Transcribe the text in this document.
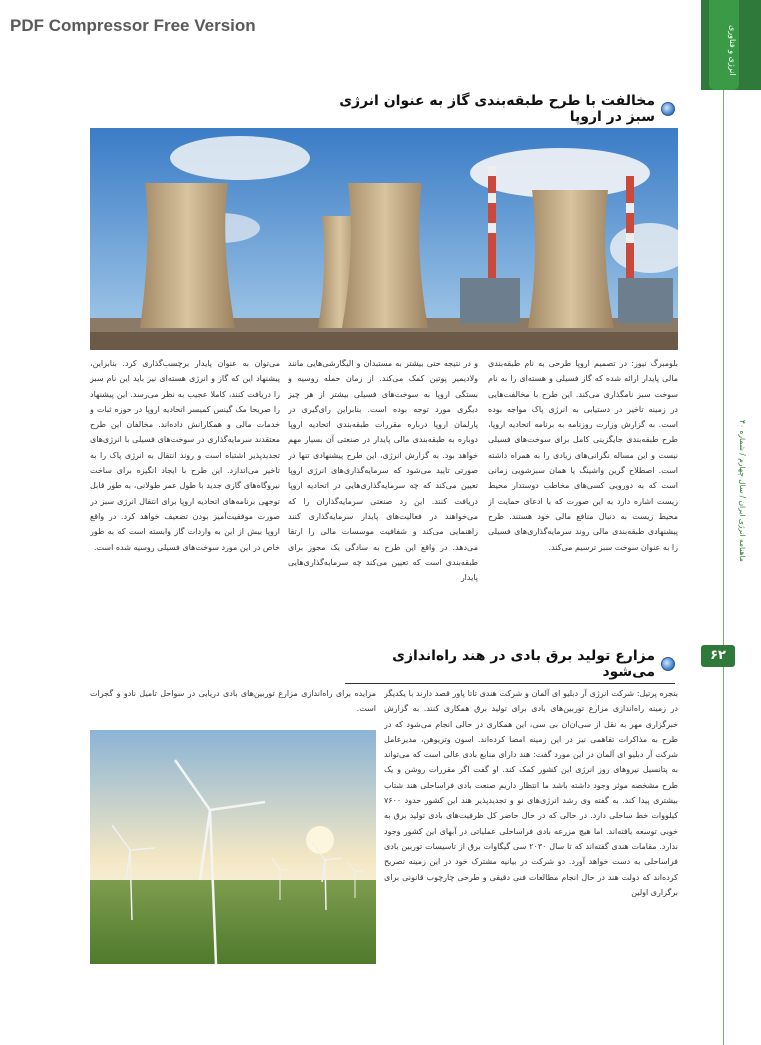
PDF Compressor Free Version	انرژی و فناوری
ماهنامه انرژی ایران / سال چهارم / شماره ۴۰
۶۲
مخالفت با طرح طبقه‌بندی گاز به عنوان انرژی سبز در اروپا
بلومبرگ نیوز: در تصمیم اروپا طرحی به نام طبقه‌بندی مالی پایدار ارائه شده که گاز فسیلی و هسته‌ای را به نام سوخت سبز نامگذاری می‌کند. این طرح با مخالفت‌هایی در زمینه تاخیر در دستیابی به انرژی پاک مواجه بوده است. به گزارش وزارت روزنامه به برنامه اتحادیه اروپا، طرح طبقه‌بندی جایگزینی کامل برای سوخت‌های فسیلی نیست و این مساله نگرانی‌های زیادی را به همراه داشته است. اصطلاح گرین واشینگ یا همان سبزشویی زمانی است که به دورویی کسی‌های مخاطب دوستدار محیط زیست اشاره دارد به این صورت که با ادعای حمایت از محیط زیست به دنبال منافع مالی خود هستند. طرح پیشنهادی طبقه‌بندی مالی روند سرمایه‌گذاری‌های فسیلی را به عنوان سوخت سبز ترسیم می‌کند.
و در نتیجه حتی بیشتر به مستبدان و الیگارشی‌هایی مانند ولادیمیر پوتین کمک می‌کند. از زمان حمله روسیه و بستگی اروپا به سوخت‌های فسیلی بیشتر از هر چیز دیگری مورد توجه بوده است. بنابراین رای‌گیری در پارلمان اروپا درباره مقررات طبقه‌بندی اتحادیه اروپا دوباره به طبقه‌بندی مالی پایدار در صنعتی آن بسیار مهم خواهد بود. به گزارش انرژی، این طرح پیشنهادی تنها در صورتی تایید می‌شود که سرمایه‌گذاری‌های انرژی اروپا تعیین می‌کند که چه سرمایه‌گذاری‌هایی در اتحادیه اروپا دریافت کنند. این رد صنعتی سرمایه‌گذاران را که می‌خواهند در فعالیت‌های پایدار سرمایه‌گذاری کنند راهنمایی می‌کند و شفافیت موسسات مالی را ارتقا می‌دهد. در واقع این طرح به سادگی یک مجوز برای طبقه‌بندی است که تعیین می‌کند چه سرمایه‌گذاری‌هایی پایدار
می‌توان به عنوان پایدار برچسب‌گذاری کرد. بنابراین، پیشنهاد این که گاز و انرژی هسته‌ای نیز باید این نام سبز را دریافت کنند، کاملا عجیب به نظر می‌رسد. این پیشنهاد را صریحا مک گینس کمیسر اتحادیه اروپا در حوزه ثبات و خدمات مالی و همکارانش داده‌اند. مخالفان این طرح معتقدند سرمایه‌گذاری در سوخت‌های فسیلی با انرژی‌های تجدیدپذیر اشتباه است و روند انتقال به انرژی پاک را به تاخیر می‌اندازد. این طرح با ایجاد انگیزه برای ساخت نیروگاه‌های گازی جدید با طول عمر طولانی، به طور قابل توجهی برنامه‌های اتحادیه اروپا برای انتقال انرژی سبز در صورت موفقیت‌آمیز بودن تضعیف خواهد کرد. در واقع اروپا بیش از این به واردات گاز وابسته است که به طور خاص در این مورد سوخت‌های فسیلی روسیه شده است.
مزارع تولید برق بادی در هند راه‌اندازی می‌شود
بنجره پرتیل: شرکت انرژی آر دبلیو ای آلمان و شرکت هندی تاتا پاور قصد دارند با یکدیگر در زمینه راه‌اندازی مزارع توربین‌های بادی برای تولید برق همکاری کنند. به گزارش خبرگزاری مهر به نقل از سی‌ان‌ان بی سی، این همکاری در حالی انجام می‌شود که در طرح به مذاکرات تفاهمی نیز در این زمینه امضا کرده‌اند. اسون وتریوهن، مدیرعامل شرکت آر دبلیو ای آلمان در این مورد گفت: هند دارای منابع بادی عالی است که می‌تواند به پتانسیل نیروهای روز انرژی این کشور کمک کند. او گفت اگر مقررات روشن و یک طرح مشخصه موثر وجود داشته باشد ما انتظار داریم صنعت بادی فراساحلی هند شتاب بیشتری پیدا کند. به گفته وی رشد انرژی‌های نو و تجدیدپذیر هند این کشور حدود ۷۶۰۰ کیلووات خط ساحلی دارد. در حالی که در حال حاضر کل ظرفیت‌های بادی تولید برق به خوبی توسعه یافته‌اند. اما هیچ مزرعه بادی فراساحلی عملیاتی در آبهای این کشور وجود ندارد. مقامات هندی گفته‌اند که تا سال ۲۰۳۰ سی گیگاوات برق از تاسیسات توربین بادی فراساحلی به دست خواهد آورد. دو شرکت در بیانیه مشترک خود در این زمینه تصریح کرده‌اند که دولت هند در حال انجام مطالعات فنی دقیقی و طرحی چارچوب قانونی برای برگزاری اولین
مزایده برای راه‌اندازی مزارع توربین‌های بادی دریایی در سواحل تامیل نادو و گجرات است.
